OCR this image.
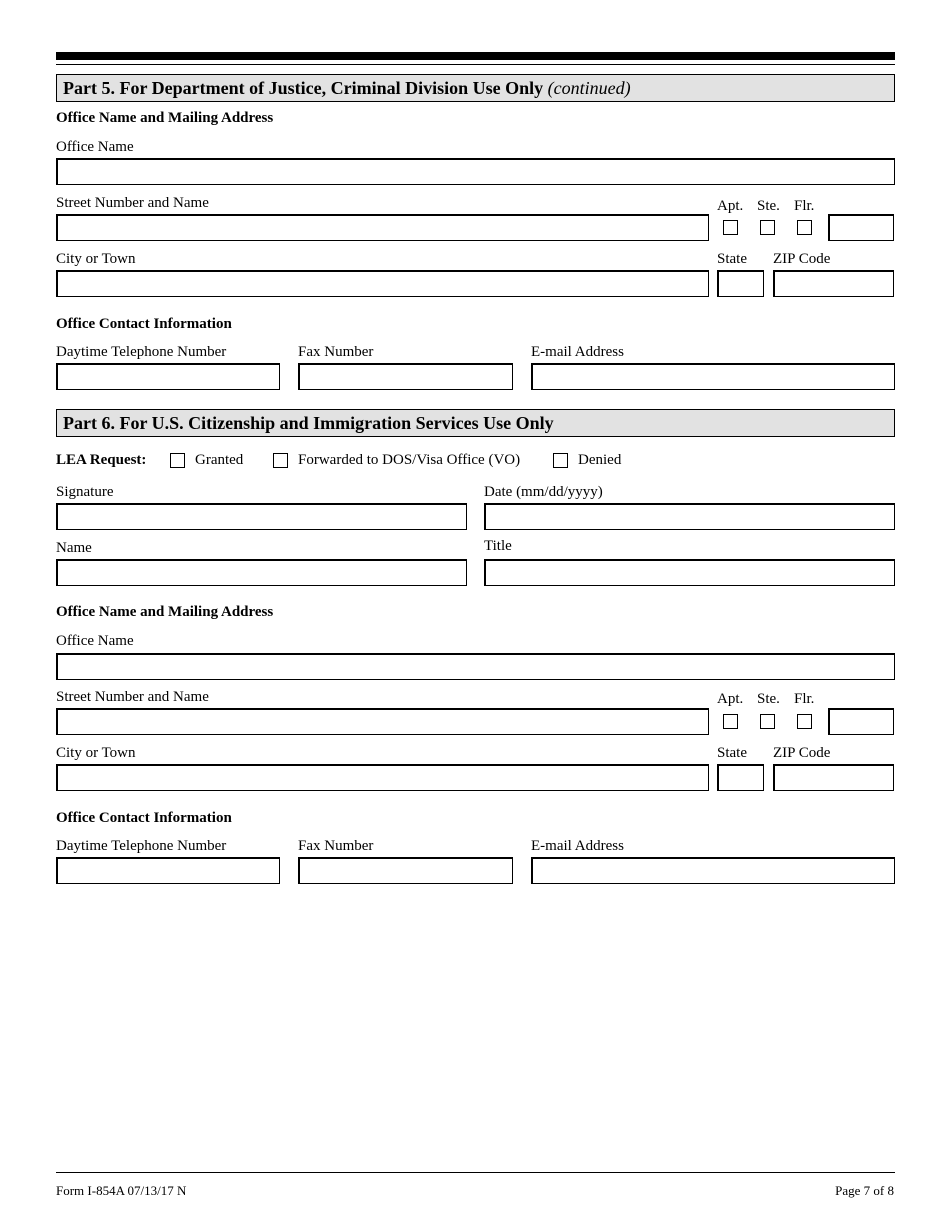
Part 5. For Department of Justice, Criminal Division Use Only (continued)
Office Name and Mailing Address
Office Name
Street Number and Name	Apt. Ste. Flr.
City or Town	State ZIP Code
Office Contact Information
Daytime Telephone Number	Fax Number	E-mail Address
Part 6. For U.S. Citizenship and Immigration Services Use Only
LEA Request:	Granted	Forwarded to DOS/Visa Office (VO)	Denied
Signature	Date (mm/dd/yyyy)
Name	Title
Office Name and Mailing Address
Office Name
Street Number and Name	Apt. Ste. Flr.
City or Town	State ZIP Code
Office Contact Information
Daytime Telephone Number	Fax Number	E-mail Address
Form I-854A 07/13/17 N	Page 7 of 8
